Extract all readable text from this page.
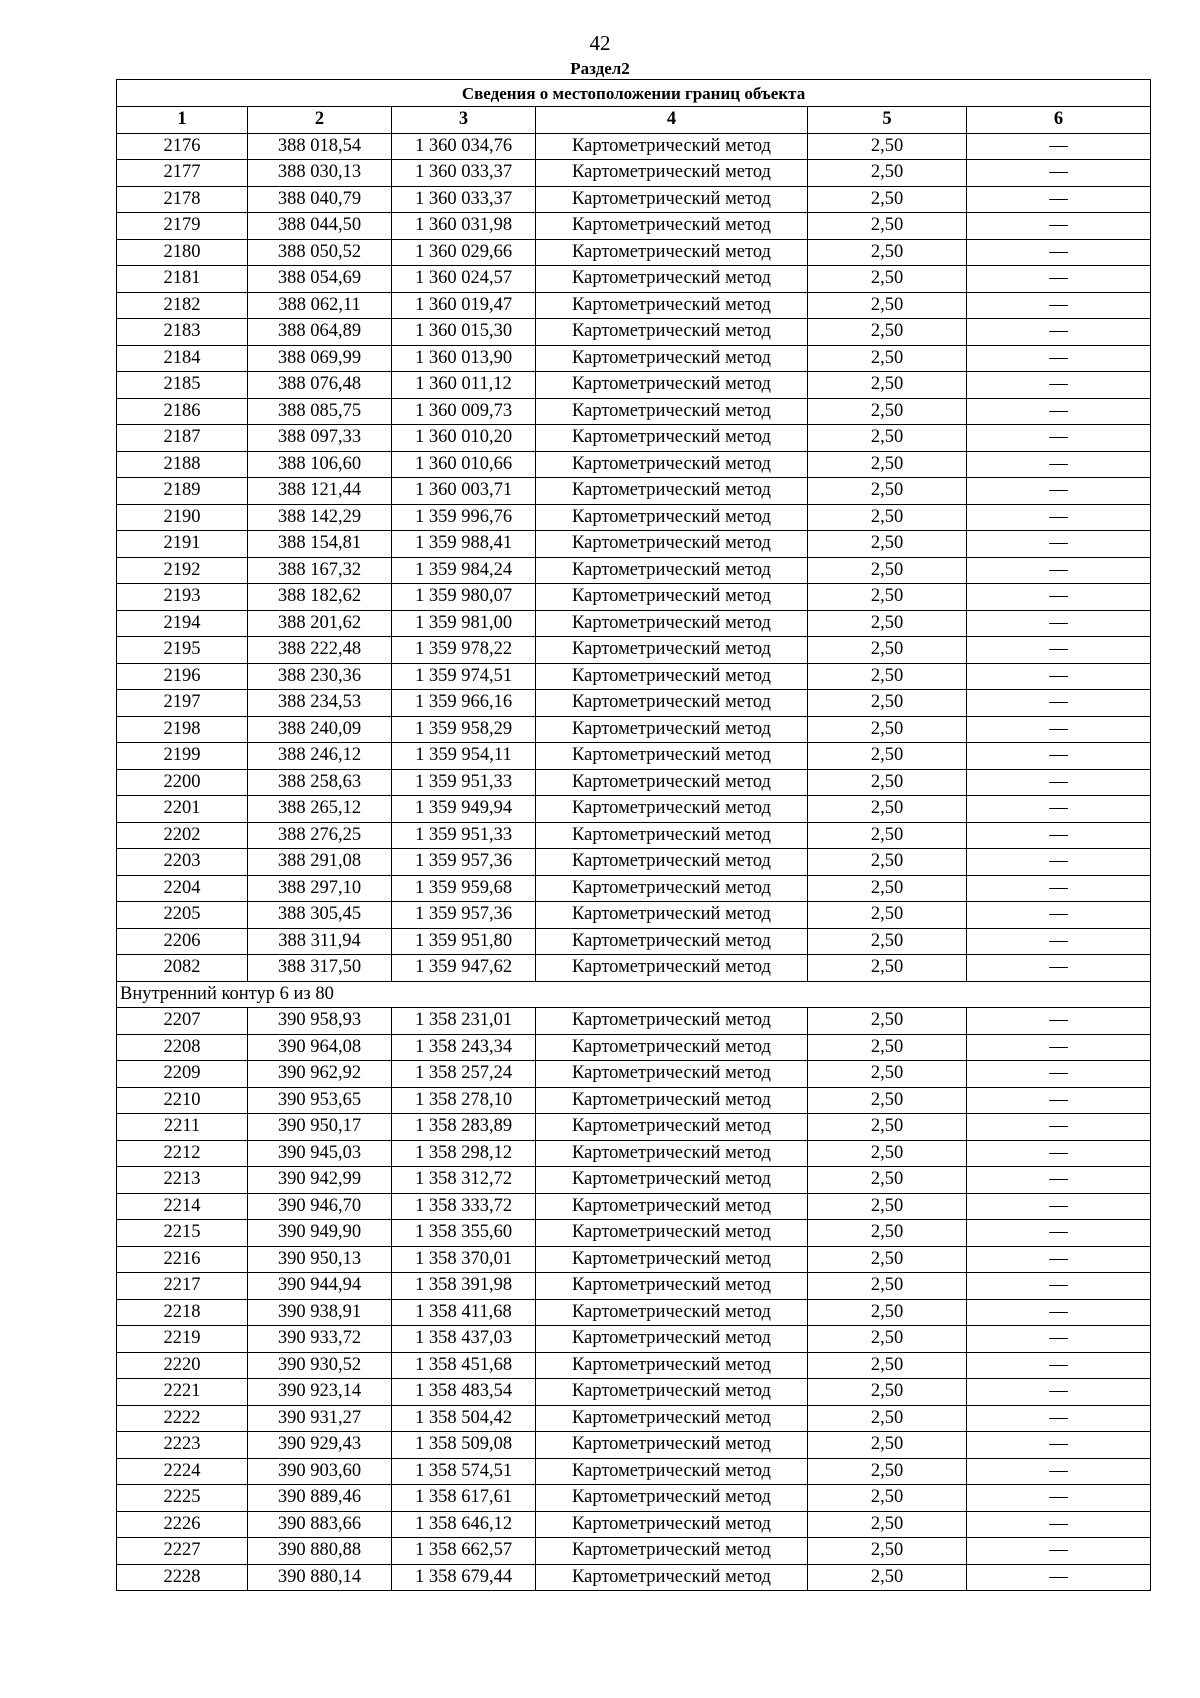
42
Раздел2
Сведения о местоположении границ объекта					
1	2	3	4	5	6
2176	388 018,54	1 360 034,76	Картометрический метод	2,50	—
2177	388 030,13	1 360 033,37	Картометрический метод	2,50	—
2178	388 040,79	1 360 033,37	Картометрический метод	2,50	—
2179	388 044,50	1 360 031,98	Картометрический метод	2,50	—
2180	388 050,52	1 360 029,66	Картометрический метод	2,50	—
2181	388 054,69	1 360 024,57	Картометрический метод	2,50	—
2182	388 062,11	1 360 019,47	Картометрический метод	2,50	—
2183	388 064,89	1 360 015,30	Картометрический метод	2,50	—
2184	388 069,99	1 360 013,90	Картометрический метод	2,50	—
2185	388 076,48	1 360 011,12	Картометрический метод	2,50	—
2186	388 085,75	1 360 009,73	Картометрический метод	2,50	—
2187	388 097,33	1 360 010,20	Картометрический метод	2,50	—
2188	388 106,60	1 360 010,66	Картометрический метод	2,50	—
2189	388 121,44	1 360 003,71	Картометрический метод	2,50	—
2190	388 142,29	1 359 996,76	Картометрический метод	2,50	—
2191	388 154,81	1 359 988,41	Картометрический метод	2,50	—
2192	388 167,32	1 359 984,24	Картометрический метод	2,50	—
2193	388 182,62	1 359 980,07	Картометрический метод	2,50	—
2194	388 201,62	1 359 981,00	Картометрический метод	2,50	—
2195	388 222,48	1 359 978,22	Картометрический метод	2,50	—
2196	388 230,36	1 359 974,51	Картометрический метод	2,50	—
2197	388 234,53	1 359 966,16	Картометрический метод	2,50	—
2198	388 240,09	1 359 958,29	Картометрический метод	2,50	—
2199	388 246,12	1 359 954,11	Картометрический метод	2,50	—
2200	388 258,63	1 359 951,33	Картометрический метод	2,50	—
2201	388 265,12	1 359 949,94	Картометрический метод	2,50	—
2202	388 276,25	1 359 951,33	Картометрический метод	2,50	—
2203	388 291,08	1 359 957,36	Картометрический метод	2,50	—
2204	388 297,10	1 359 959,68	Картометрический метод	2,50	—
2205	388 305,45	1 359 957,36	Картометрический метод	2,50	—
2206	388 311,94	1 359 951,80	Картометрический метод	2,50	—
2082	388 317,50	1 359 947,62	Картометрический метод	2,50	—
Внутренний контур 6 из 80					
2207	390 958,93	1 358 231,01	Картометрический метод	2,50	—
2208	390 964,08	1 358 243,34	Картометрический метод	2,50	—
2209	390 962,92	1 358 257,24	Картометрический метод	2,50	—
2210	390 953,65	1 358 278,10	Картометрический метод	2,50	—
2211	390 950,17	1 358 283,89	Картометрический метод	2,50	—
2212	390 945,03	1 358 298,12	Картометрический метод	2,50	—
2213	390 942,99	1 358 312,72	Картометрический метод	2,50	—
2214	390 946,70	1 358 333,72	Картометрический метод	2,50	—
2215	390 949,90	1 358 355,60	Картометрический метод	2,50	—
2216	390 950,13	1 358 370,01	Картометрический метод	2,50	—
2217	390 944,94	1 358 391,98	Картометрический метод	2,50	—
2218	390 938,91	1 358 411,68	Картометрический метод	2,50	—
2219	390 933,72	1 358 437,03	Картометрический метод	2,50	—
2220	390 930,52	1 358 451,68	Картометрический метод	2,50	—
2221	390 923,14	1 358 483,54	Картометрический метод	2,50	—
2222	390 931,27	1 358 504,42	Картометрический метод	2,50	—
2223	390 929,43	1 358 509,08	Картометрический метод	2,50	—
2224	390 903,60	1 358 574,51	Картометрический метод	2,50	—
2225	390 889,46	1 358 617,61	Картометрический метод	2,50	—
2226	390 883,66	1 358 646,12	Картометрический метод	2,50	—
2227	390 880,88	1 358 662,57	Картометрический метод	2,50	—
2228	390 880,14	1 358 679,44	Картометрический метод	2,50	—
